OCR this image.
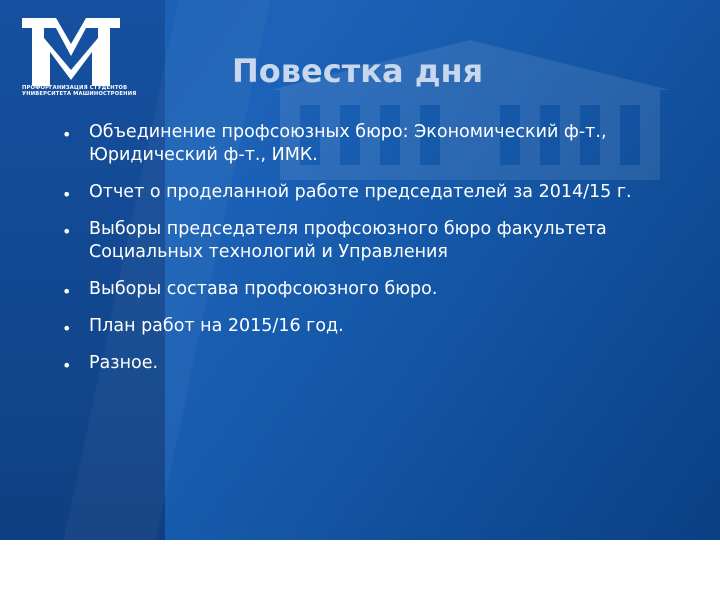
ПРОФОРГАНИЗАЦИЯ СТУДЕНТОВ
УНИВЕРСИТЕТА МАШИНОСТРОЕНИЯ
Повестка дня
• Объединение профсоюзных бюро: Экономический ф-т., Юридический ф-т., ИМК.
• Отчет о проделанной работе председателей за 2014/15 г.
• Выборы председателя профсоюзного бюро факультета Социальных технологий и Управления
• Выборы состава профсоюзного бюро.
• План работ на 2015/16 год.
• Разное.
